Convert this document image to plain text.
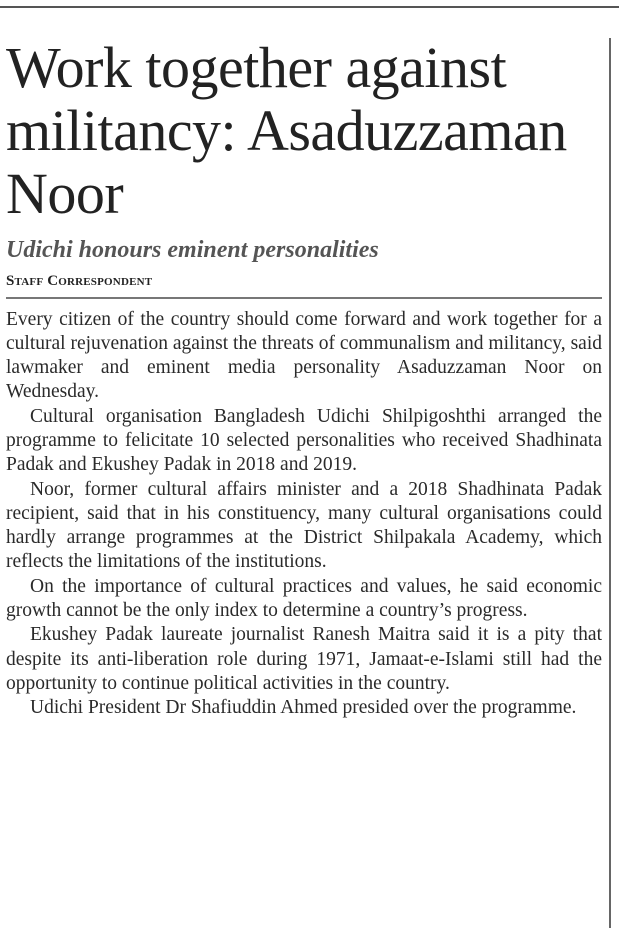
Work together against militancy: Asaduzzaman Noor
Udichi honours eminent personalities
Staff Correspondent

Every citizen of the country should come forward and work together for a cultural rejuvenation against the threats of communalism and militancy, said lawmaker and eminent media personality Asaduzzaman Noor on Wednesday.

Cultural organisation Bangladesh Udichi Shilpigoshthi arranged the programme to felicitate 10 selected personalities who received Shadhinata Padak and Ekushey Padak in 2018 and 2019.

Noor, former cultural affairs minister and a 2018 Shadhinata Padak recipient, said that in his constituency, many cultural organisations could hardly arrange programmes at the District Shilpakala Academy, which reflects the limitations of the institutions.

On the importance of cultural practices and values, he said economic growth cannot be the only index to determine a country’s progress.

Ekushey Padak laureate journalist Ranesh Maitra said it is a pity that despite its anti-liberation role during 1971, Jamaat-e-Islami still had the opportunity to continue political activities in the country.

Udichi President Dr Shafiuddin Ahmed presided over the programme.
